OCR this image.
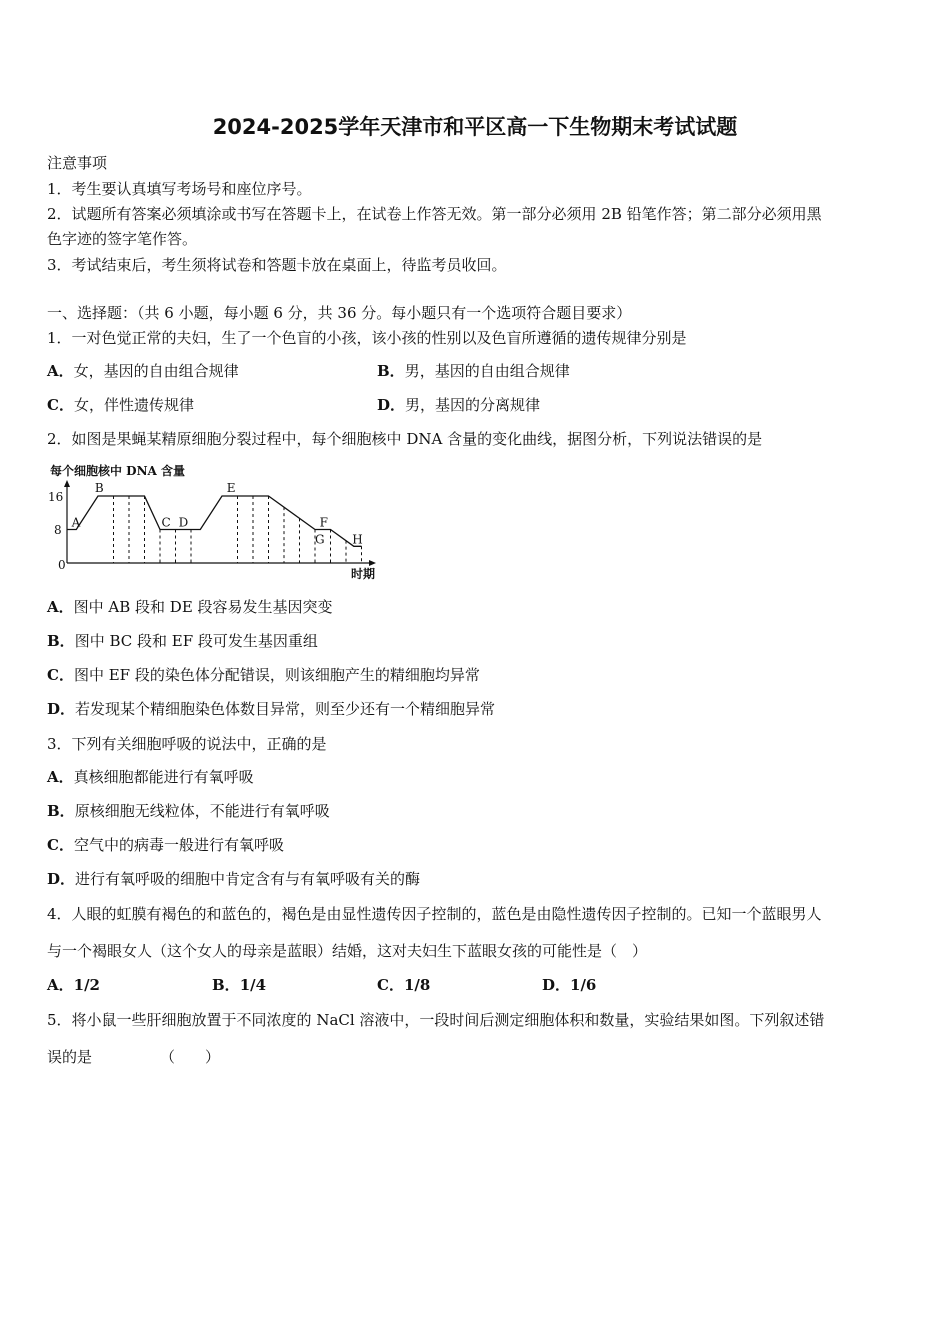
2024-2025学年天津市和平区高一下生物期末考试试题
注意事项
1．考生要认真填写考场号和座位序号。
2．试题所有答案必须填涂或书写在答题卡上，在试卷上作答无效。第一部分必须用 2B 铅笔作答；第二部分必须用黑
色字迹的签字笔作答。
3．考试结束后，考生须将试卷和答题卡放在桌面上，待监考员收回。
一、选择题：（共 6 小题，每小题 6 分，共 36 分。每小题只有一个选项符合题目要求）
1．一对色觉正常的夫妇，生了一个色盲的小孩，该小孩的性别以及色盲所遵循的遗传规律分别是
A．女，基因的自由组合规律	B．男，基因的自由组合规律
C．女，伴性遗传规律	D．男，基因的分离规律
2．如图是果蝇某精原细胞分裂过程中，每个细胞核中 DNA 含量的变化曲线，据图分析，下列说法错误的是
每个细胞核中 DNA 含量
时期
16
8
0
A
B
C D
E
F
G H
A．图中 AB 段和 DE 段容易发生基因突变
B．图中 BC 段和 EF 段可发生基因重组
C．图中 EF 段的染色体分配错误，则该细胞产生的精细胞均异常
D．若发现某个精细胞染色体数目异常，则至少还有一个精细胞异常
3．下列有关细胞呼吸的说法中，正确的是
A．真核细胞都能进行有氧呼吸
B．原核细胞无线粒体，不能进行有氧呼吸
C．空气中的病毒一般进行有氧呼吸
D．进行有氧呼吸的细胞中肯定含有与有氧呼吸有关的酶
4．人眼的虹膜有褐色的和蓝色的，褐色是由显性遗传因子控制的，蓝色是由隐性遗传因子控制的。已知一个蓝眼男人
与一个褐眼女人（这个女人的母亲是蓝眼）结婚，这对夫妇生下蓝眼女孩的可能性是（　）
A．1/2	B．1/4	C．1/8	D．1/6
5．将小鼠一些肝细胞放置于不同浓度的 NaCl 溶液中，一段时间后测定细胞体积和数量，实验结果如图。下列叙述错
误的是	（　　）
